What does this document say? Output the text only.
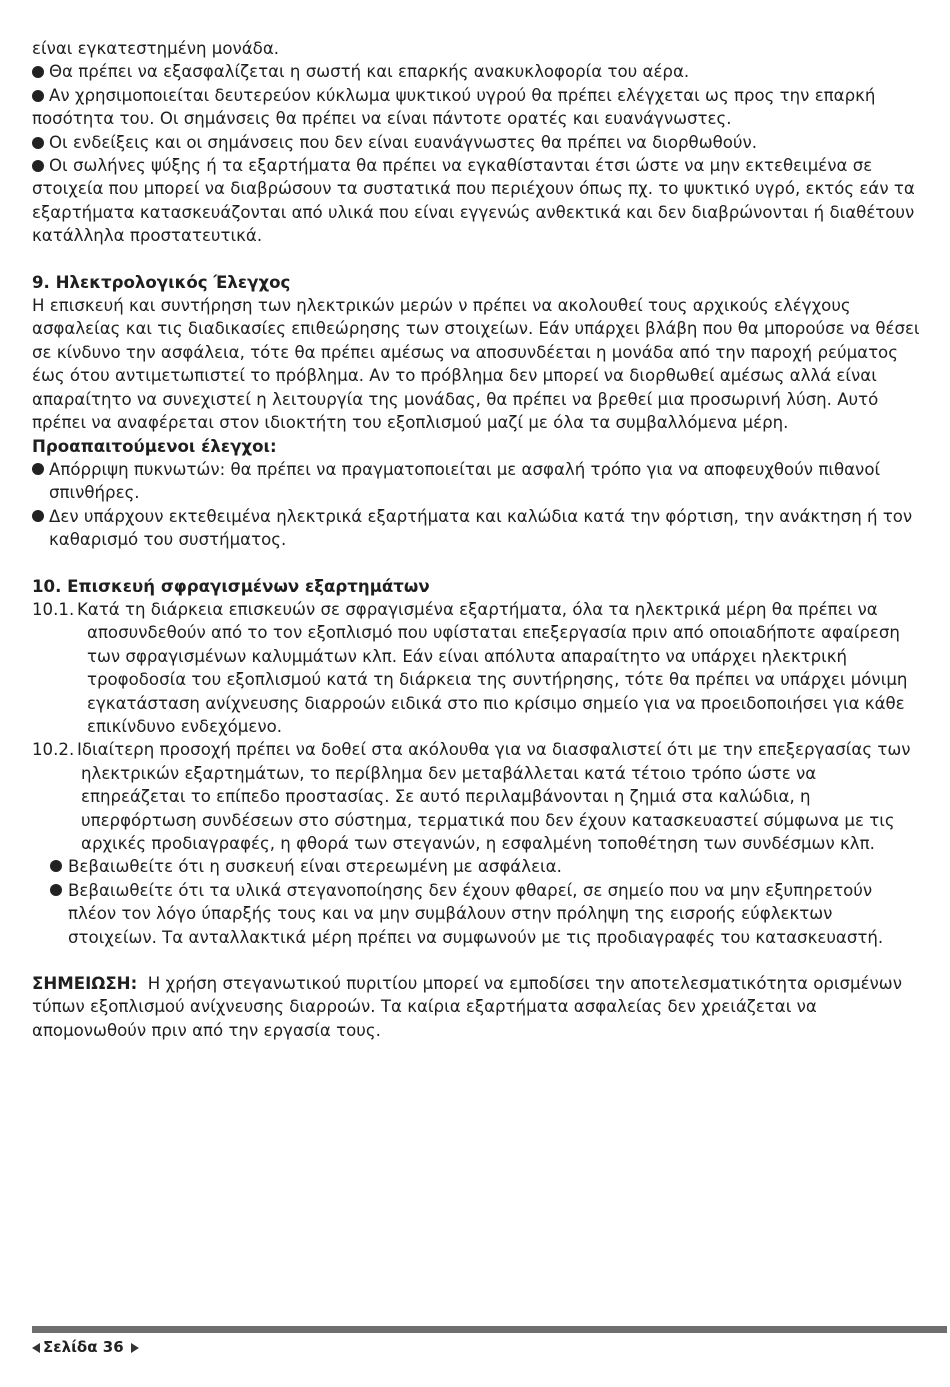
είναι εγκατεστημένη μονάδα.

Θα πρέπει να εξασφαλίζεται η σωστή και επαρκής ανακυκλοφορία του αέρα.
Αν χρησιμοποιείται δευτερεύον κύκλωμα ψυκτικού υγρού θα πρέπει ελέγχεται ως προς την επαρκή ποσότητα του. Οι σημάνσεις θα πρέπει να είναι πάντοτε ορατές και ευανάγνωστες.
Οι ενδείξεις και οι σημάνσεις που δεν είναι ευανάγνωστες θα πρέπει να διορθωθούν.
Οι σωλήνες ψύξης ή τα εξαρτήματα θα πρέπει να εγκαθίστανται έτσι ώστε να μην εκτεθειμένα σε στοιχεία που μπορεί να διαβρώσουν τα συστατικά που περιέχουν όπως πχ. το ψυκτικό υγρό, εκτός εάν τα εξαρτήματα κατασκευάζονται από υλικά που είναι εγγενώς ανθεκτικά και δεν διαβρώνονται ή διαθέτουν κατάλληλα προστατευτικά.

9. Ηλεκτρολογικός Έλεγχος

Η επισκευή και συντήρηση των ηλεκτρικών μερών ν πρέπει να ακολουθεί τους αρχικούς ελέγχους ασφαλείας και τις διαδικασίες επιθεώρησης των στοιχείων. Εάν υπάρχει βλάβη που θα μπορούσε να θέσει σε κίνδυνο την ασφάλεια, τότε θα πρέπει αμέσως να αποσυνδέεται η μονάδα από την παροχή ρεύματος έως ότου αντιμετωπιστεί το πρόβλημα. Αν το πρόβλημα δεν μπορεί να διορθωθεί αμέσως αλλά είναι απαραίτητο να συνεχιστεί η λειτουργία της μονάδας, θα πρέπει να βρεθεί μια προσωρινή λύση. Αυτό πρέπει να αναφέρεται στον ιδιοκτήτη του εξοπλισμού μαζί με όλα τα συμβαλλόμενα μέρη.

Προαπαιτούμενοι έλεγχοι:

Απόρριψη πυκνωτών: θα πρέπει να πραγματοποιείται με ασφαλή τρόπο για να αποφευχθούν πιθανοί σπινθήρες.
Δεν υπάρχουν εκτεθειμένα ηλεκτρικά εξαρτήματα και καλώδια κατά την φόρτιση, την ανάκτηση ή τον καθαρισμό του συστήματος.

10. Επισκευή σφραγισμένων εξαρτημάτων

10.1. Κατά τη διάρκεια επισκευών σε σφραγισμένα εξαρτήματα, όλα τα ηλεκτρικά μέρη θα πρέπει να αποσυνδεθούν από το τον εξοπλισμό που υφίσταται επεξεργασία πριν από οποιαδήποτε αφαίρεση των σφραγισμένων καλυμμάτων κλπ. Εάν είναι απόλυτα απαραίτητο να υπάρχει ηλεκτρική τροφοδοσία του εξοπλισμού κατά τη διάρκεια της συντήρησης, τότε θα πρέπει να υπάρχει μόνιμη εγκατάσταση ανίχνευσης διαρροών ειδικά στο πιο κρίσιμο σημείο για να προειδοποιήσει για κάθε επικίνδυνο ενδεχόμενο.
10.2. Ιδιαίτερη προσοχή πρέπει να δοθεί στα ακόλουθα για να διασφαλιστεί ότι με την επεξεργασίας των ηλεκτρικών εξαρτημάτων, το περίβλημα δεν μεταβάλλεται κατά τέτοιο τρόπο ώστε να επηρεάζεται το επίπεδο προστασίας. Σε αυτό περιλαμβάνονται η ζημιά στα καλώδια, η υπερφόρτωση συνδέσεων στο σύστημα, τερματικά που δεν έχουν κατασκευαστεί σύμφωνα με τις αρχικές προδιαγραφές, η φθορά των στεγανών, η εσφαλμένη τοποθέτηση των συνδέσμων κλπ.
Βεβαιωθείτε ότι η συσκευή είναι στερεωμένη με ασφάλεια.
Βεβαιωθείτε ότι τα υλικά στεγανοποίησης δεν έχουν φθαρεί, σε σημείο που να μην εξυπηρετούν πλέον τον λόγο ύπαρξής τους και να μην συμβάλουν στην πρόληψη της εισροής εύφλεκτων στοιχείων. Τα ανταλλακτικά μέρη πρέπει να συμφωνούν με τις προδιαγραφές του κατασκευαστή.

ΣΗΜΕΙΩΣΗ: Η χρήση στεγανωτικού πυριτίου μπορεί να εμποδίσει την αποτελεσματικότητα ορισμένων τύπων εξοπλισμού ανίχνευσης διαρροών. Τα καίρια εξαρτήματα ασφαλείας δεν χρειάζεται να απομονωθούν πριν από την εργασία τους.

Σελίδα 36
